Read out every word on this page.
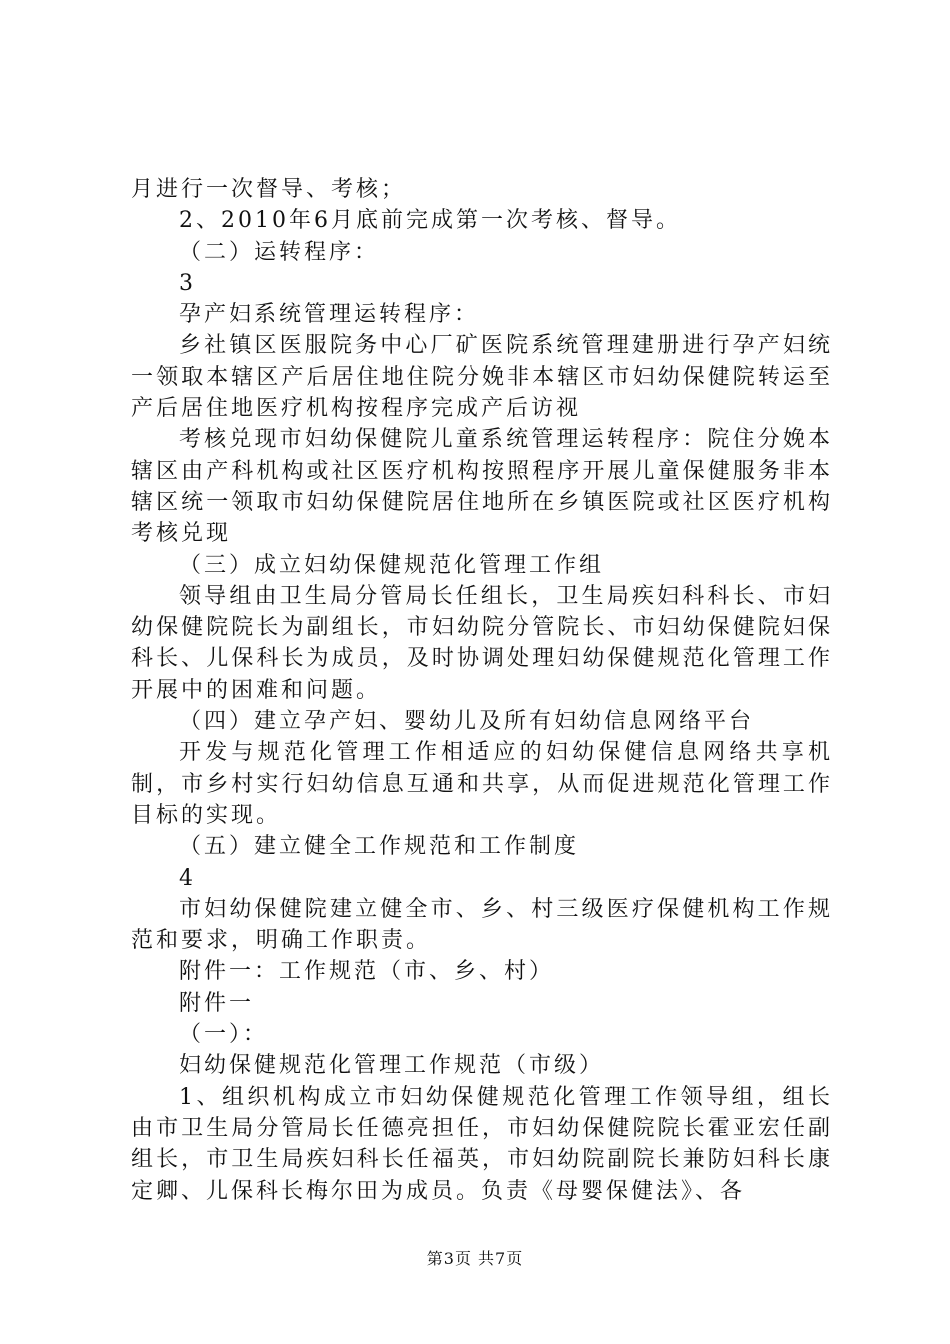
月进行一次督导、考核；

2、2010年6月底前完成第一次考核、督导。

（二）运转程序：

3

孕产妇系统管理运转程序：

乡社镇区医服院务中心厂矿医院系统管理建册进行孕产妇统一领取本辖区产后居住地住院分娩非本辖区市妇幼保健院转运至产后居住地医疗机构按程序完成产后访视

考核兑现市妇幼保健院儿童系统管理运转程序：院住分娩本辖区由产科机构或社区医疗机构按照程序开展儿童保健服务非本辖区统一领取市妇幼保健院居住地所在乡镇医院或社区医疗机构考核兑现

（三）成立妇幼保健规范化管理工作组

领导组由卫生局分管局长任组长，卫生局疾妇科科长、市妇幼保健院院长为副组长，市妇幼院分管院长、市妇幼保健院妇保科长、儿保科长为成员，及时协调处理妇幼保健规范化管理工作开展中的困难和问题。

（四）建立孕产妇、婴幼儿及所有妇幼信息网络平台

开发与规范化管理工作相适应的妇幼保健信息网络共享机制，市乡村实行妇幼信息互通和共享，从而促进规范化管理工作目标的实现。

（五）建立健全工作规范和工作制度

4

市妇幼保健院建立健全市、乡、村三级医疗保健机构工作规范和要求，明确工作职责。

附件一：工作规范（市、乡、村）

附件一

（一）：

妇幼保健规范化管理工作规范（市级）

1、组织机构成立市妇幼保健规范化管理工作领导组，组长由市卫生局分管局长任德亮担任，市妇幼保健院院长霍亚宏任副组长，市卫生局疾妇科长任福英，市妇幼院副院长兼防妇科长康定卿、儿保科长梅尔田为成员。负责《母婴保健法》、各

第3页 共7页
